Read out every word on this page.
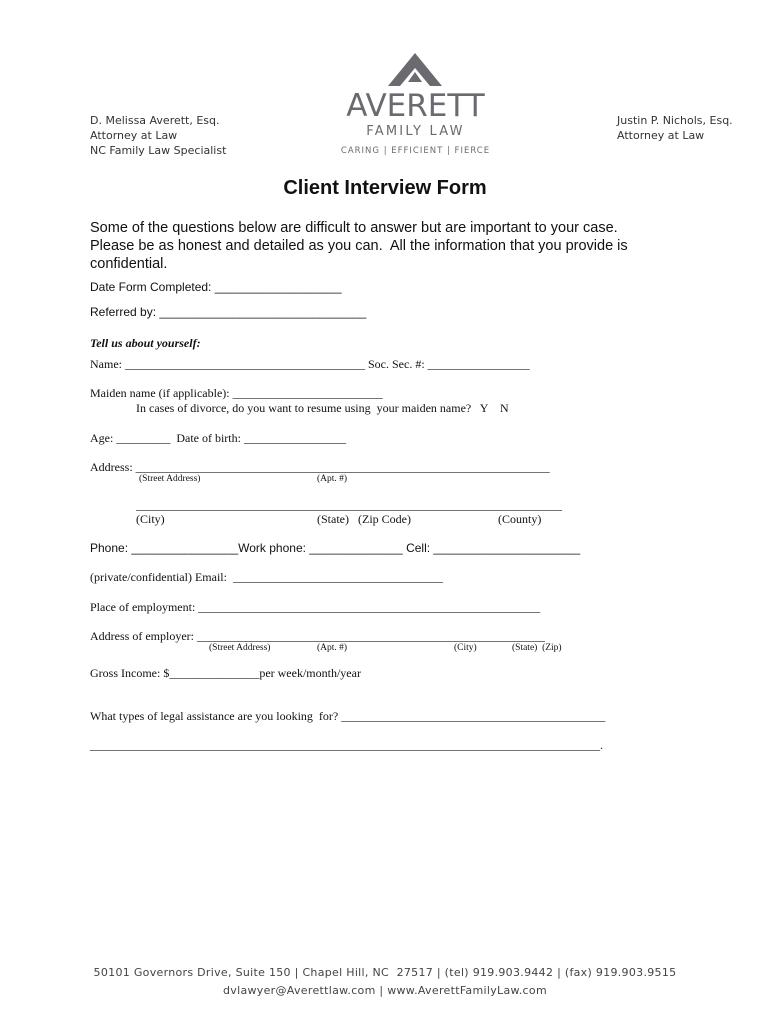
D. Melissa Averett, Esq.
Attorney at Law
NC Family Law Specialist
AVERETT
FAMILY LAW
CARING | EFFICIENT | FIERCE
Justin P. Nichols, Esq.
Attorney at Law
Client Interview Form
Some of the questions below are difficult to answer but are important to your case.
Please be as honest and detailed as you can.  All the information that you provide is
confidential.
Date Form Completed: ___________________
Referred by: _______________________________
Tell us about yourself:
Name: ________________________________________ Soc. Sec. #: _________________
Maiden name (if applicable): _________________________
In cases of divorce, do you want to resume using  your maiden name?   Y    N
Age: _________  Date of birth: _________________
Address: _____________________________________________________________________
(Street Address)	(Apt. #)
_______________________________________________________________________
(City)	(State)   (Zip Code)	(County)
Phone: ________________Work phone: ______________ Cell: ______________________
(private/confidential) Email:  ___________________________________
Place of employment: _________________________________________________________
Address of employer: __________________________________________________________
(Street Address)	(Apt. #)	(City)	(State)  (Zip)
Gross Income: $_______________per week/month/year
What types of legal assistance are you looking  for? ____________________________________________
_____________________________________________________________________________________.
50101 Governors Drive, Suite 150 | Chapel Hill, NC  27517 | (tel) 919.903.9442 | (fax) 919.903.9515
dvlawyer@Averettlaw.com | www.AverettFamilyLaw.com
